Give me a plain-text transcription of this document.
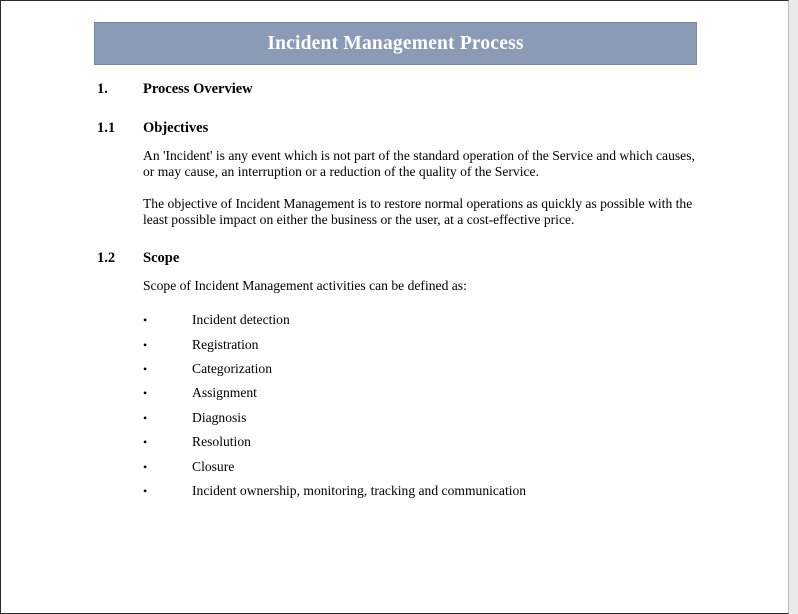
Incident Management Process
1.	Process Overview
1.1	Objectives

An 'Incident' is any event which is not part of the standard operation of the Service and which causes, or may cause, an interruption or a reduction of the quality of the Service.

The objective of Incident Management is to restore normal operations as quickly as possible with the least possible impact on either the business or the user, at a cost-effective price.

1.2	Scope

Scope of Incident Management activities can be defined as:

•	Incident detection
•	Registration
•	Categorization
•	Assignment
•	Diagnosis
•	Resolution
•	Closure
•	Incident ownership, monitoring, tracking and communication
